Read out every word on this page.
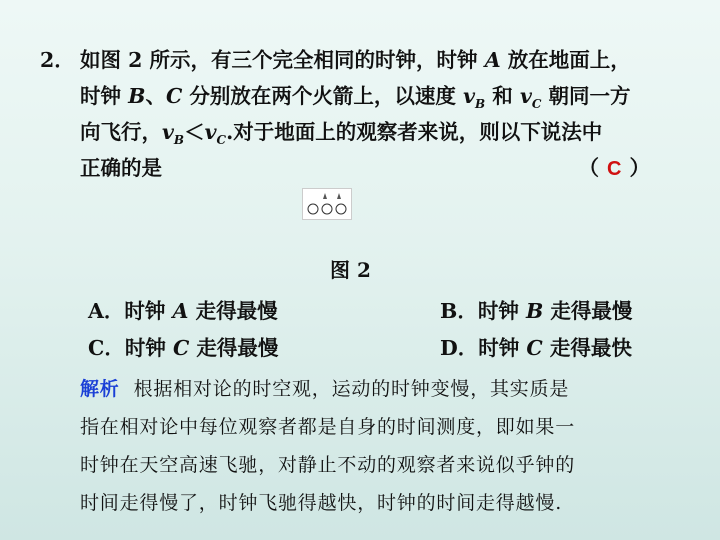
2． 如图 2 所示，有三个完全相同的时钟，时钟 A 放在地面上，
时钟 B、C 分别放在两个火箭上，以速度 $v_B$ 和 $v_C$ 朝同一方
向飞行，$v_B<v_C$.对于地面上的观察者来说，则以下说法中
正确的是	（ C ）
图 2
A．时钟 A 走得最慢	B．时钟 B 走得最慢
C．时钟 C 走得最慢	D．时钟 C 走得最快
解析 根据相对论的时空观，运动的时钟变慢，其实质是
指在相对论中每位观察者都是自身的时间测度，即如果一
时钟在天空高速飞驰，对静止不动的观察者来说似乎钟的
时间走得慢了，时钟飞驰得越快，时钟的时间走得越慢.
